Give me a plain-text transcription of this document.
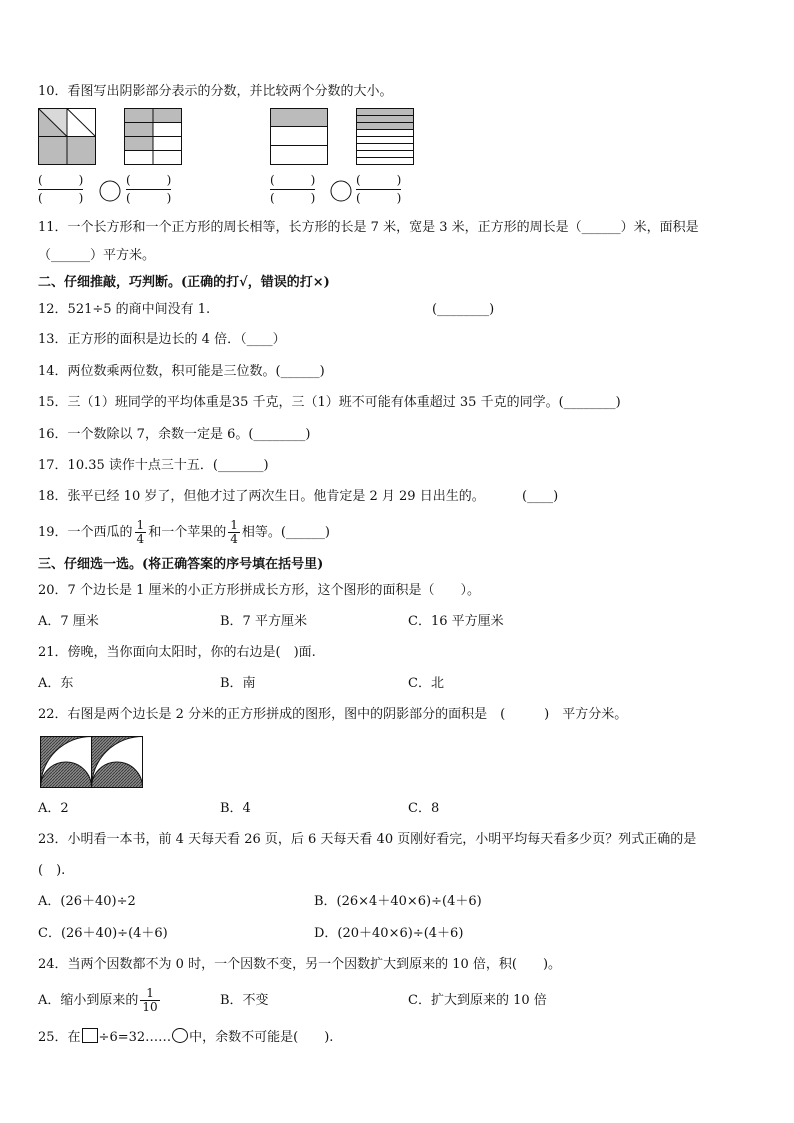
10．看图写出阴影部分表示的分数，并比较两个分数的大小。
(　　　)
(　　　)
(　　　)
(　　　)
(　　　)
(　　　)
(　　　)
(　　　)
11．一个长方形和一个正方形的周长相等，长方形的长是 7 米，宽是 3 米，正方形的周长是（______）米，面积是
（______）平方米。
二、仔细推敲，巧判断。(正确的打√，错误的打×)
12．521÷5 的商中间没有 1.	(________)
13．正方形的面积是边长的 4 倍．（____）
14．两位数乘两位数，积可能是三位数。(______)
15．三（1）班同学的平均体重是35 千克，三（1）班不可能有体重超过 35 千克的同学。(________)
16．一个数除以 7，余数一定是 6。(________)
17．10.35 读作十点三十五．(_______)
18．张平已经 10 岁了，但他才过了两次生日。他肯定是 2 月 29 日出生的。	(____)
19．一个西瓜的 $\frac{1}{4}$ 和一个苹果的 $\frac{1}{4}$ 相等。(______)
三、仔细选一选。(将正确答案的序号填在括号里)
20．7 个边长是 1 厘米的小正方形拼成长方形，这个图形的面积是（　　）。
A．7 厘米	B．7 平方厘米	C．16 平方厘米
21．傍晚，当你面向太阳时，你的右边是(　)面.
A．东	B．南	C．北
22．右图是两个边长是 2 分米的正方形拼成的图形，图中的阴影部分的面积是　(　　　)　平方分米。
A．2	B．4	C．8
23．小明看一本书，前 4 天每天看 26 页，后 6 天每天看 40 页刚好看完，小明平均每天看多少页？列式正确的是
(　).
A．(26＋40)÷2	B．(26×4＋40×6)÷(4＋6)
C．(26＋40)÷(4＋6)	D．(20＋40×6)÷(4＋6)
24．当两个因数都不为 0 时，一个因数不变，另一个因数扩大到原来的 10 倍，积(　　)。
A．缩小到原来的 $\frac{1}{10}$	B．不变	C．扩大到原来的 10 倍
25．在 ÷6=32…… 中，余数不可能是(　　).
